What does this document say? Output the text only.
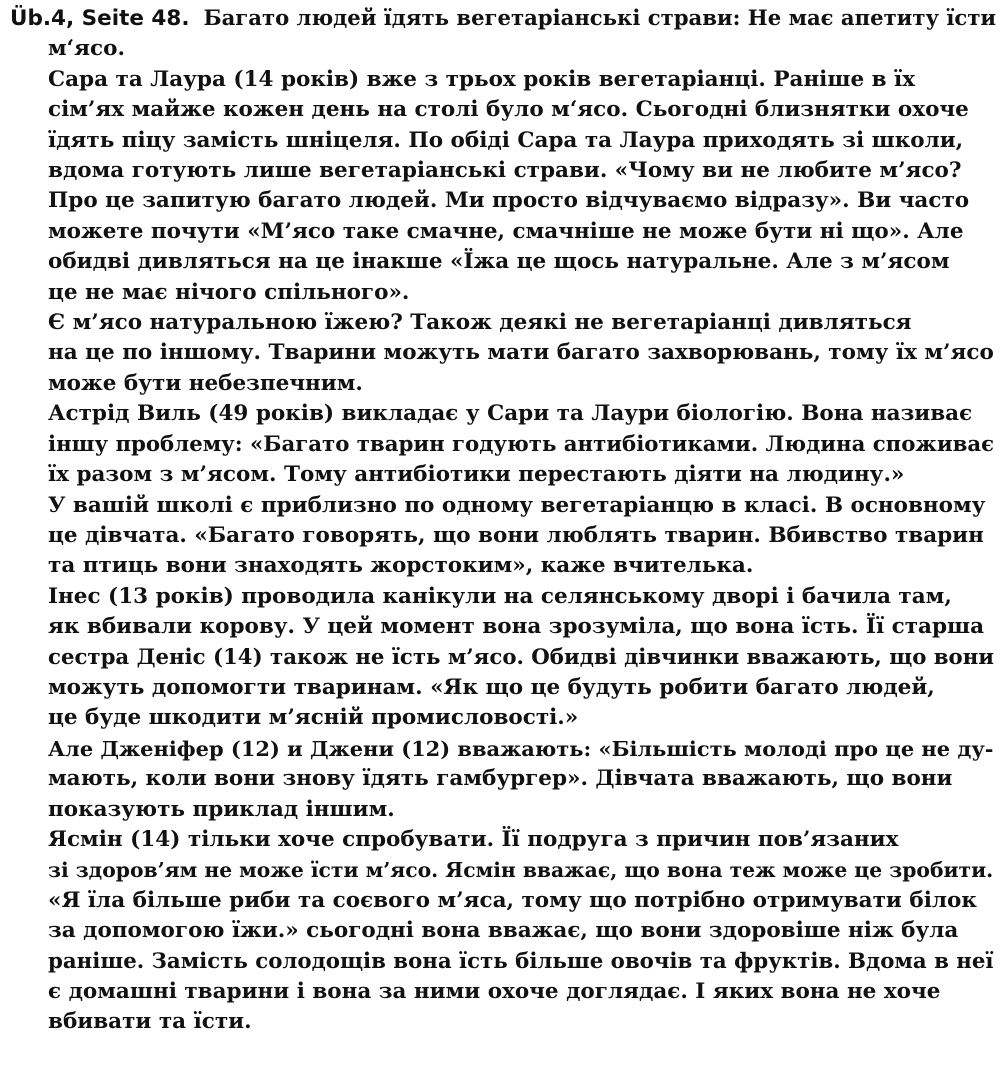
Üb.4, Seite 48. Багато людей їдять вегетаріанські страви: Не має апетиту їсти
м‘ясо.
Сара та Лаура (14 років) вже з трьох років вегетаріанці. Раніше в їх
сім’ях майже кожен день на столі було м‘ясо. Сьогодні близнятки охоче
їдять піцу замість шніцеля. По обіді Сара та Лаура приходять зі школи,
вдома готують лише вегетаріанські страви. «Чому ви не любите м’ясо?
Про це запитую багато людей. Ми просто відчуваємо відразу». Ви часто
можете почути «М’ясо таке смачне, смачніше не може бути ні що». Але
обидві дивляться на це інакше «Їжа це щось натуральне. Але з м’ясом
це не має нічого спільного».
Є м’ясо натуральною їжею? Також деякі не вегетаріанці дивляться
на це по іншому. Тварини можуть мати багато захворювань, тому їх м’ясо
може бути небезпечним.
Астрід Виль (49 років) викладає у Сари та Лаури біологію. Вона називає
іншу проблему: «Багато тварин годують антибіотиками. Людина споживає
їх разом з м’ясом. Тому антибіотики перестають діяти на людину.»
У вашій школі є приблизно по одному вегетаріанцю в класі. В основному
це дівчата. «Багато говорять, що вони люблять тварин. Вбивство тварин
та птиць вони знаходять жорстоким», каже вчителька.
Інес (13 років) проводила канікули на селянському дворі і бачила там,
як вбивали корову. У цей момент вона зрозуміла, що вона їсть. Її старша
сестра Деніс (14) також не їсть м’ясо. Обидві дівчинки вважають, що вони
можуть допомогти тваринам. «Як що це будуть робити багато людей,
це буде шкодити м’ясній промисловості.»
Але Дженіфер (12) и Джени (12) вважають: «Більшість молоді про це не ду-
мають, коли вони знову їдять гамбургер». Дівчата вважають, що вони
показують приклад іншим.
Ясмін (14) тільки хоче спробувати. Її подруга з причин пов’язаних
зі здоров’ям не може їсти м’ясо. Ясмін вважає, що вона теж може це зробити.
«Я їла більше риби та соєвого м’яса, тому що потрібно отримувати білок
за допомогою їжи.» сьогодні вона вважає, що вони здоровіше ніж була
раніше. Замість солодощів вона їсть більше овочів та фруктів. Вдома в неї
є домашні тварини і вона за ними охоче доглядає. І яких вона не хоче
вбивати та їсти.
